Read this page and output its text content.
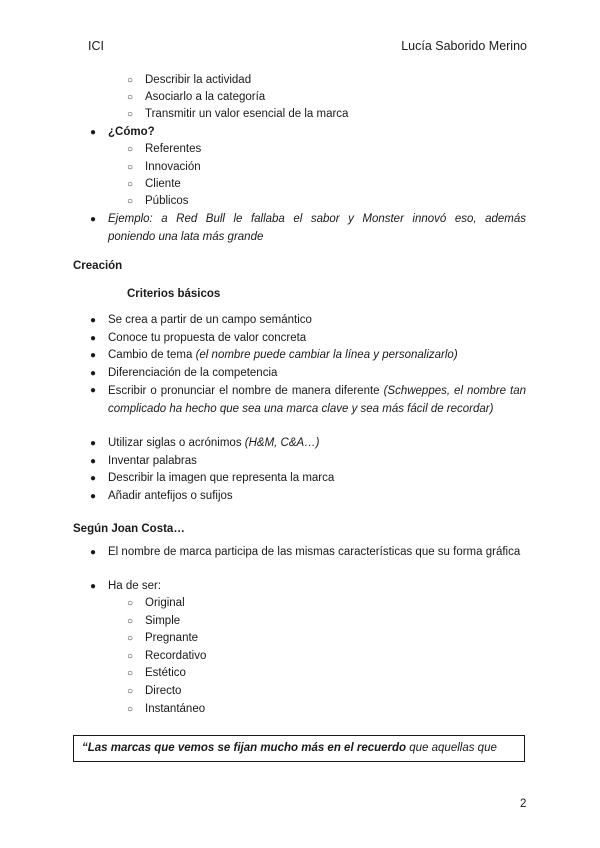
ICI	Lucía Saborido Merino
○ Describir la actividad
○ Asociarlo a la categoría
○ Transmitir un valor esencial de la marca
● ¿Cómo?
○ Referentes
○ Innovación
○ Cliente
○ Públicos
● Ejemplo: a Red Bull le fallaba el sabor y Monster innovó eso, además
poniendo una lata más grande
Creación
Criterios básicos
● Se crea a partir de un campo semántico
● Conoce tu propuesta de valor concreta
● Cambio de tema (el nombre puede cambiar la línea y personalizarlo)
● Diferenciación de la competencia
● Escribir o pronunciar el nombre de manera diferente (Schweppes, el nombre tan complicado ha hecho que sea una marca clave y sea más fácil de recordar)
● Utilizar siglas o acrónimos (H&M, C&A…)
● Inventar palabras
● Describir la imagen que representa la marca
● Añadir antefijos o sufijos
Según Joan Costa…
● El nombre de marca participa de las mismas características que su forma gráfica
● Ha de ser:
○ Original
○ Simple
○ Pregnante
○ Recordativo
○ Estético
○ Directo
○ Instantáneo
“Las marcas que vemos se fijan mucho más en el recuerdo que aquellas que
2
